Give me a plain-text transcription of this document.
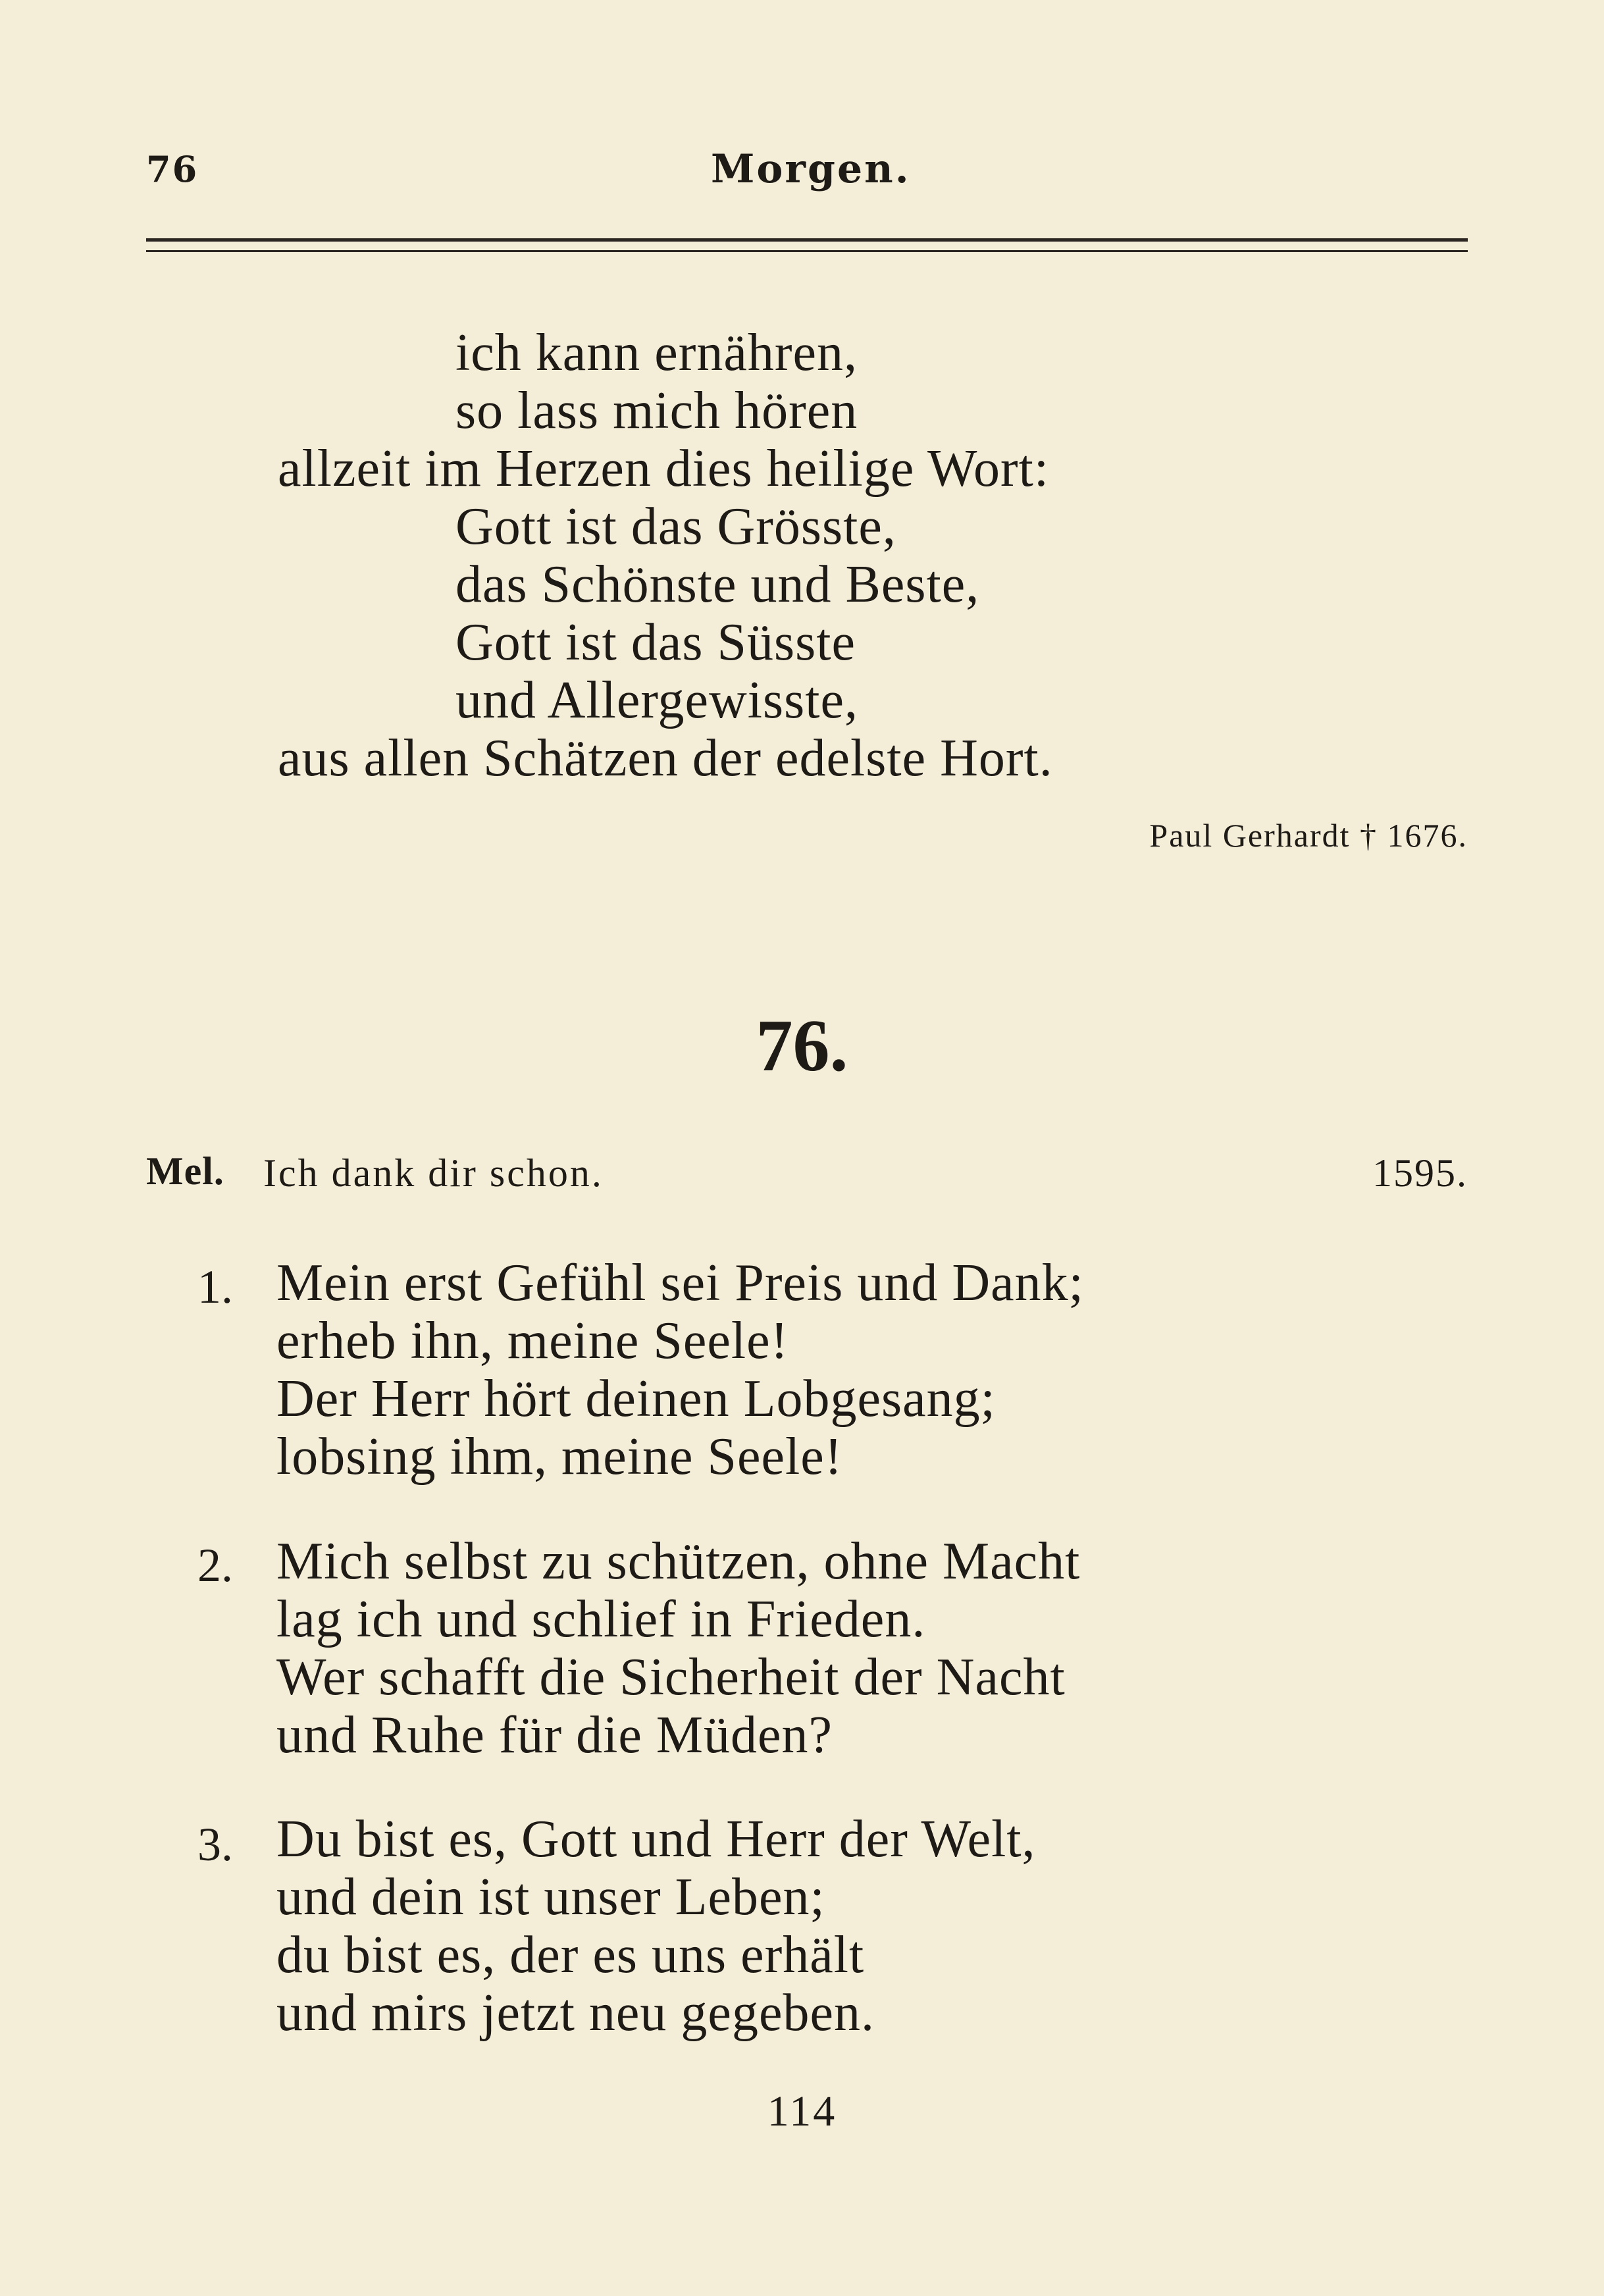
76	Morgen.
ich kann ernähren,
so lass mich hören
allzeit im Herzen dies heilige Wort:
Gott ist das Grösste,
das Schönste und Beste,
Gott ist das Süsste
und Allergewisste,
aus allen Schätzen der edelste Hort.
Paul Gerhardt † 1676.
76.
Mel. Ich dank dir schon.	1595.
1. Mein erst Gefühl sei Preis und Dank;
erheb ihn, meine Seele!
Der Herr hört deinen Lobgesang;
lobsing ihm, meine Seele!
2. Mich selbst zu schützen, ohne Macht
lag ich und schlief in Frieden.
Wer schafft die Sicherheit der Nacht
und Ruhe für die Müden?
3. Du bist es, Gott und Herr der Welt,
und dein ist unser Leben;
du bist es, der es uns erhält
und mirs jetzt neu gegeben.
114
